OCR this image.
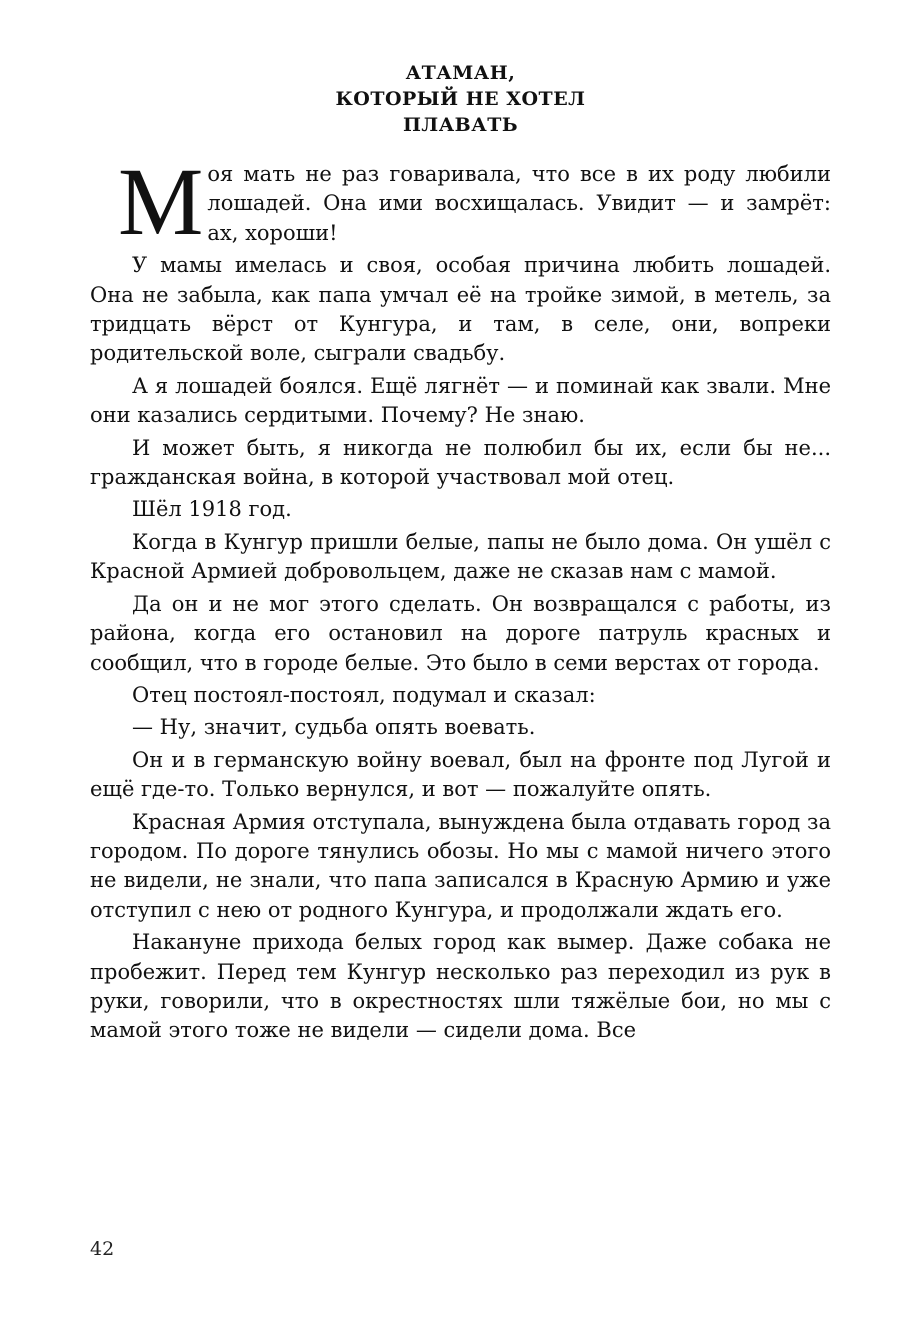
АТАМАН,
КОТОРЫЙ НЕ ХОТЕЛ
ПЛАВАТЬ

Моя мать не раз говаривала, что все в их роду любили лошадей. Она ими восхищалась. Увидит — и замрёт: ах, хороши!

У мамы имелась и своя, особая причина любить лошадей. Она не забыла, как папа умчал её на тройке зимой, в метель, за тридцать вёрст от Кунгура, и там, в селе, они, вопреки родительской воле, сыграли свадьбу.

А я лошадей боялся. Ещё лягнёт — и поминай как звали. Мне они казались сердитыми. Почему? Не знаю.

И может быть, я никогда не полюбил бы их, если бы не... гражданская война, в которой участвовал мой отец.

Шёл 1918 год.

Когда в Кунгур пришли белые, папы не было дома. Он ушёл с Красной Армией добровольцем, даже не сказав нам с мамой.

Да он и не мог этого сделать. Он возвращался с работы, из района, когда его остановил на дороге патруль красных и сообщил, что в городе белые. Это было в семи верстах от города.

Отец постоял-постоял, подумал и сказал:

— Ну, значит, судьба опять воевать.

Он и в германскую войну воевал, был на фронте под Лугой и ещё где-то. Только вернулся, и вот — пожалуйте опять.

Красная Армия отступала, вынуждена была отдавать город за городом. По дороге тянулись обозы. Но мы с мамой ничего этого не видели, не знали, что папа записался в Красную Армию и уже отступил с нею от родного Кунгура, и продолжали ждать его.

Накануне прихода белых город как вымер. Даже собака не пробежит. Перед тем Кунгур несколько раз переходил из рук в руки, говорили, что в окрестностях шли тяжёлые бои, но мы с мамой этого тоже не видели — сидели дома. Все

42
